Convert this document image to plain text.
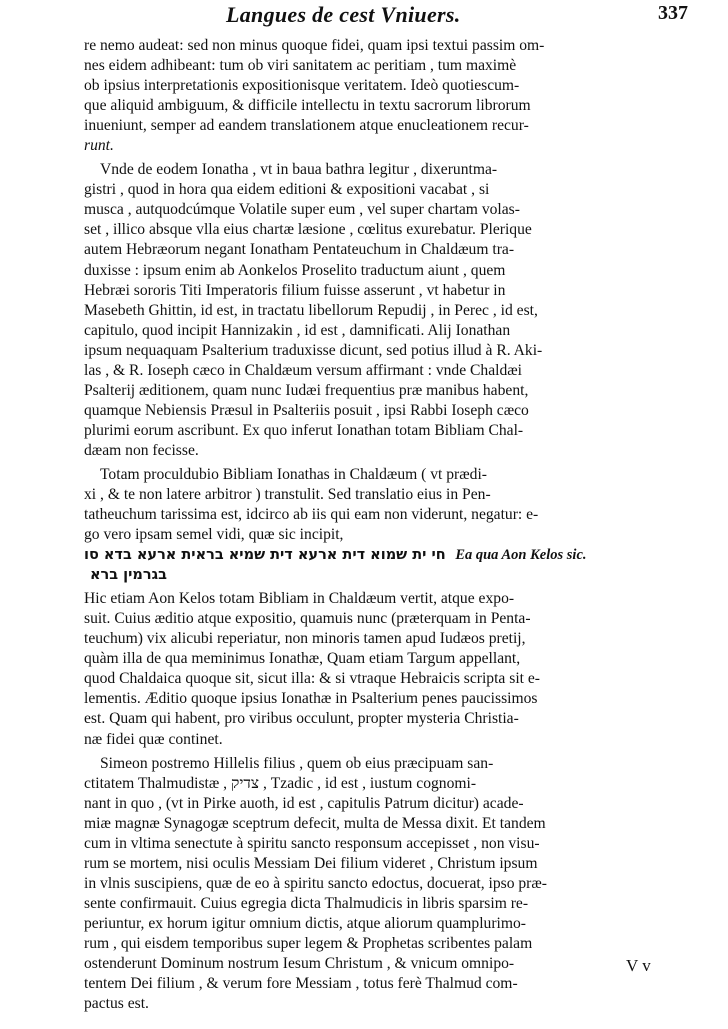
Langues de cest Vniuers.	337
re nemo audeat: sed non minus quoque fidei, quam ipsi textui passim om-
nes eidem adhibeant: tum ob viri sanitatem ac peritiam , tum maximè
ob ipsius interpretationis expositionisque veritatem. Ideò quotiescum-
que aliquid ambiguum, & difficile intellectu in textu sacrorum librorum
inueniunt, semper ad eandem translationem atque enucleationem recur-
runt.
Vnde de eodem Ionatha , vt in baua bathra legitur , dixeruntma-
gistri , quod in hora qua eidem editioni & expositioni vacabat , si
musca , autquodcúmque Volatile super eum , vel super chartam volas-
set , illico absque vlla eius chartæ læsione , cœlitus exurebatur. Plerique
autem Hebræorum negant Ionatham Pentateuchum in Chaldæum tra-
duxisse : ipsum enim ab Aonkelos Proselito traductum aiunt , quem
Hebræi sororis Titi Imperatoris filium fuisse asserunt , vt habetur in
Masebeth Ghittin, id est, in tractatu libellorum Repudij , in Perec , id est,
capitulo, quod incipit Hannizakin , id est , damnificati. Alij Ionathan
ipsum nequaquam Psalterium traduxisse dicunt, sed potius illud à R. Aki-
las , & R. Ioseph cæco in Chaldæum versum affirmant : vnde Chaldæi
Psalterij æditionem, quam nunc Iudæi frequentius præ manibus habent,
quamque Nebiensis Præsul in Psalteriis posuit , ipsi Rabbi Ioseph cæco
plurimi eorum ascribunt. Ex quo inferut Ionathan totam Bibliam Chal-
dæam non fecisse.
Totam proculdubio Bibliam Ionathas in Chaldæum ( vt prædi-
xi , & te non latere arbitror ) transtulit. Sed translatio eius in Pen-
tatheuchum tarissima est, idcirco ab iis qui eam non viderunt, negatur: e-
go vero ipsam semel vidi, quæ sic incipit,
חי ית שמוא דית ארעא דית שמיא בראית ארעא בדא סו Ea qua Aon Kelos sic.
בגרמין ברא
Hic etiam Aon Kelos totam Bibliam in Chaldæum vertit, atque expo-
suit. Cuius æditio atque expositio, quamuis nunc (præterquam in Penta-
teuchum) vix alicubi reperiatur, non minoris tamen apud Iudæos pretij,
quàm illa de qua meminimus Ionathæ, Quam etiam Targum appellant,
quod Chaldaica quoque sit, sicut illa: & si vtraque Hebraicis scripta sit e-
lementis. Æditio quoque ipsius Ionathæ in Psalterium penes paucissimos
est. Quam qui habent, pro viribus occulunt, propter mysteria Christia-
næ fidei quæ continet.
Simeon postremo Hillelis filius , quem ob eius præcipuam san-
ctitatem Thalmudistæ , צדיק , Tzadic , id est , iustum cognomi-
nant in quo , (vt in Pirke auoth, id est , capitulis Patrum dicitur) acade-
miæ magnæ Synagogæ sceptrum defecit, multa de Messa dixit. Et tandem
cum in vltima senectute à spiritu sancto responsum accepisset , non visu-
rum se mortem, nisi oculis Messiam Dei filium videret , Christum ipsum
in vlnis suscipiens, quæ de eo à spiritu sancto edoctus, docuerat, ipso præ-
sente confirmauit. Cuius egregia dicta Thalmudicis in libris sparsim re-
periuntur, ex horum igitur omnium dictis, atque aliorum quamplurimo-
rum , qui eisdem temporibus super legem & Prophetas scribentes palam
ostenderunt Dominum nostrum Iesum Christum , & vnicum omnipo-
tentem Dei filium , & verum fore Messiam , totus ferè Thalmud com-
pactus est.
V v
